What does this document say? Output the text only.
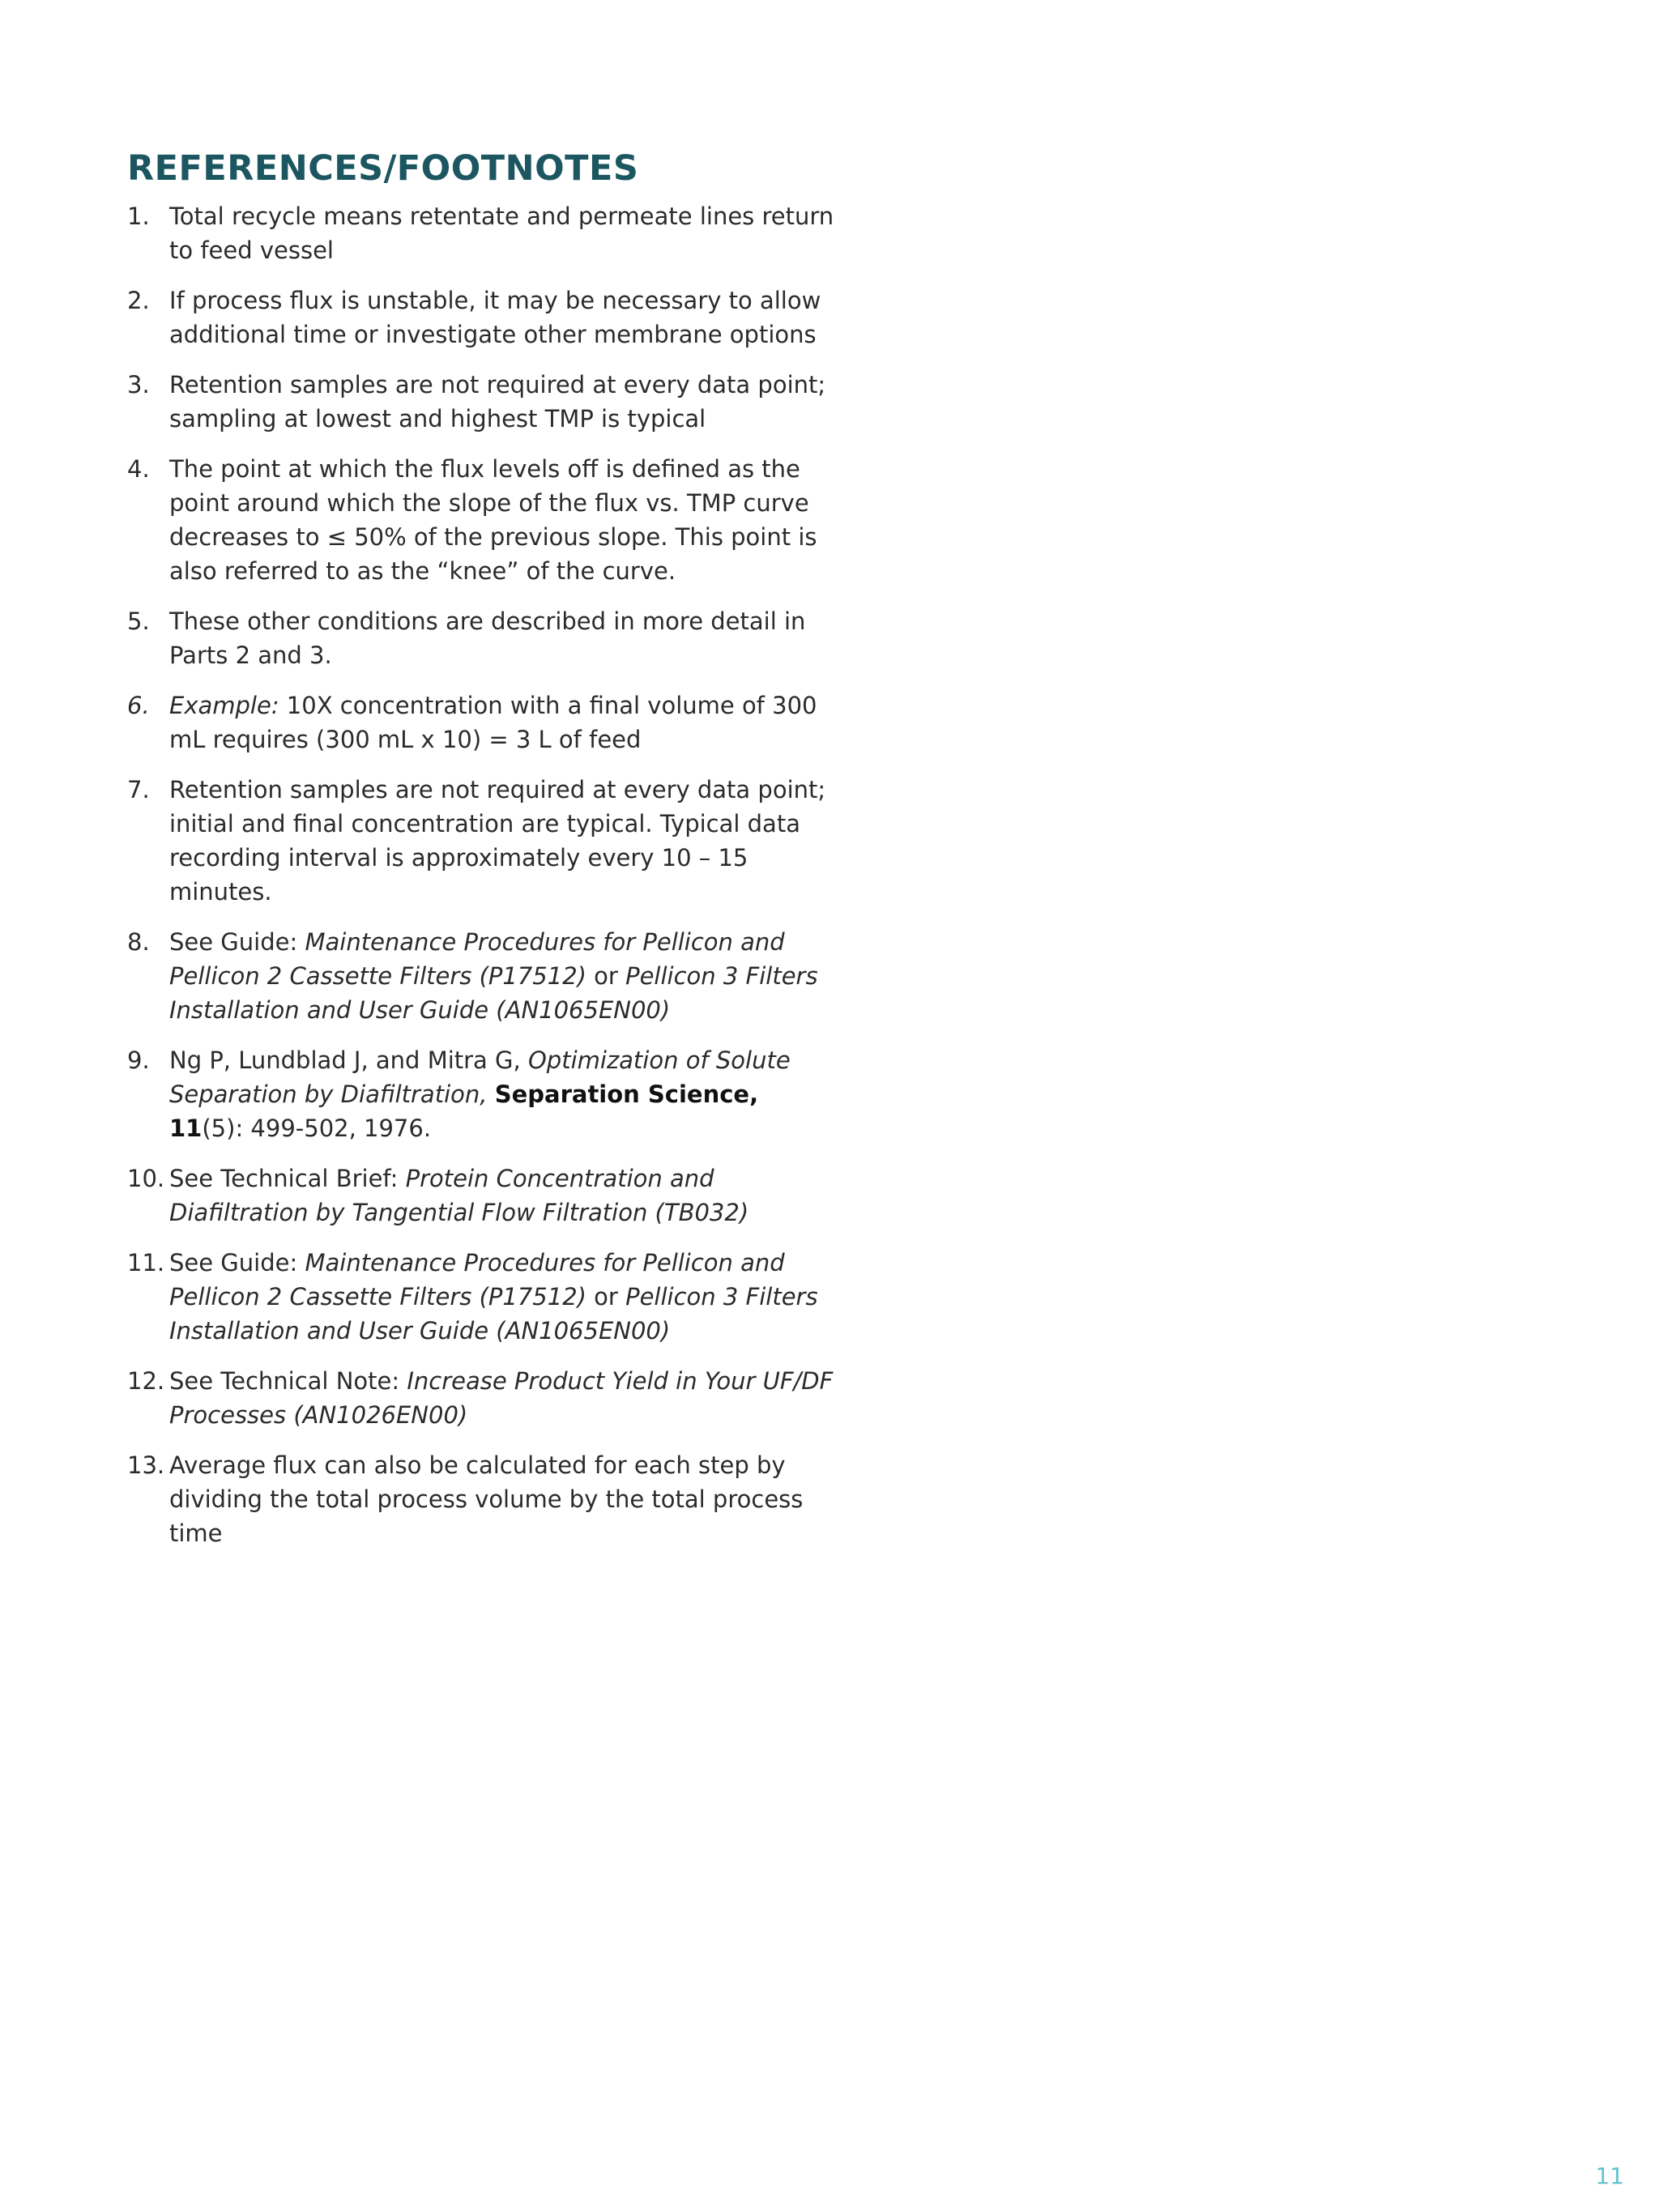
REFERENCES/FOOTNOTES
1. Total recycle means retentate and permeate lines return to feed vessel
2. If process flux is unstable, it may be necessary to allow additional time or investigate other membrane options
3. Retention samples are not required at every data point; sampling at lowest and highest TMP is typical
4. The point at which the flux levels off is defined as the point around which the slope of the flux vs. TMP curve decreases to ≤ 50% of the previous slope. This point is also referred to as the “knee” of the curve.
5. These other conditions are described in more detail in Parts 2 and 3.
6. Example: 10X concentration with a final volume of 300 mL requires (300 mL x 10) = 3 L of feed
7. Retention samples are not required at every data point; initial and final concentration are typical. Typical data recording interval is approximately every 10 – 15 minutes.
8. See Guide: Maintenance Procedures for Pellicon and Pellicon 2 Cassette Filters (P17512) or Pellicon 3 Filters Installation and User Guide (AN1065EN00)
9. Ng P, Lundblad J, and Mitra G, Optimization of Solute Separation by Diafiltration, Separation Science, 11(5): 499-502, 1976.
10. See Technical Brief: Protein Concentration and Diafiltration by Tangential Flow Filtration (TB032)
11. See Guide: Maintenance Procedures for Pellicon and Pellicon 2 Cassette Filters (P17512) or Pellicon 3 Filters Installation and User Guide (AN1065EN00)
12. See Technical Note: Increase Product Yield in Your UF/DF Processes (AN1026EN00)
13. Average flux can also be calculated for each step by dividing the total process volume by the total process time
11
